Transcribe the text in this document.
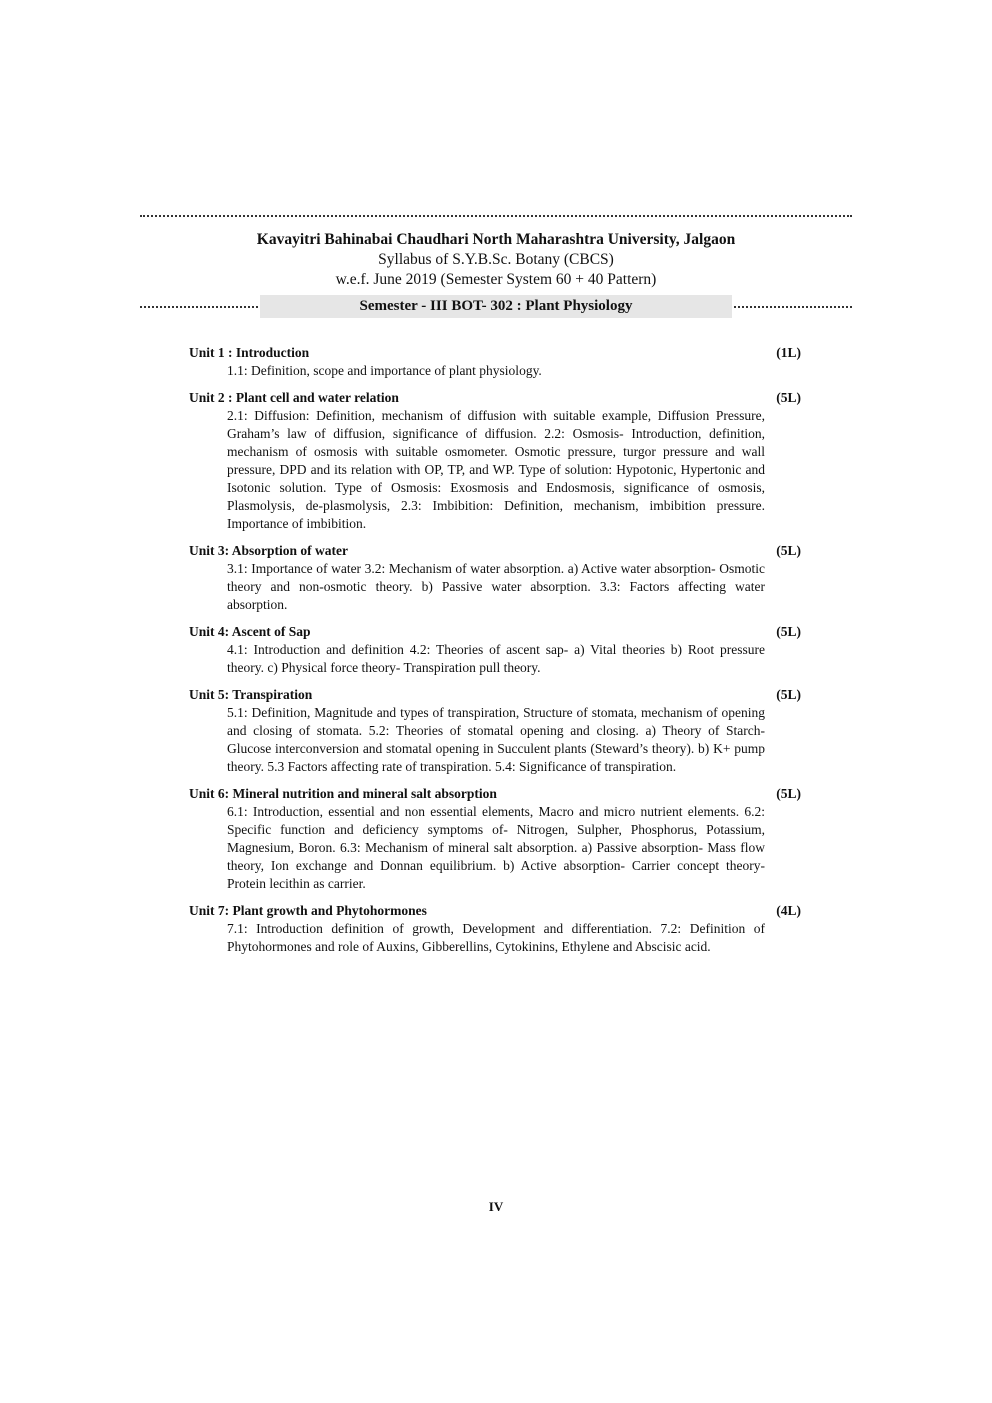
Kavayitri Bahinabai Chaudhari North Maharashtra University, Jalgaon
Syllabus of S.Y.B.Sc. Botany (CBCS)
w.e.f. June 2019 (Semester System 60 + 40 Pattern)
Semester - III BOT- 302 : Plant Physiology
Unit 1 : Introduction	(1L)
1.1: Definition, scope and importance of plant physiology.
Unit 2 : Plant cell and water relation	(5L)
2.1: Diffusion: Definition, mechanism of diffusion with suitable example, Diffusion Pressure, Graham’s law of diffusion, significance of diffusion. 2.2: Osmosis- Introduction, definition, mechanism of osmosis with suitable osmometer. Osmotic pressure, turgor pressure and wall pressure, DPD and its relation with OP, TP, and WP. Type of solution: Hypotonic, Hypertonic and Isotonic solution. Type of Osmosis: Exosmosis and Endosmosis, significance of osmosis, Plasmolysis, de-plasmolysis, 2.3: Imbibition: Definition, mechanism, imbibition pressure. Importance of imbibition.
Unit 3: Absorption of water	(5L)
3.1: Importance of water 3.2: Mechanism of water absorption. a) Active water absorption- Osmotic theory and non-osmotic theory. b) Passive water absorption. 3.3: Factors affecting water absorption.
Unit 4: Ascent of Sap	(5L)
4.1: Introduction and definition 4.2: Theories of ascent sap- a) Vital theories b) Root pressure theory. c) Physical force theory- Transpiration pull theory.
Unit 5: Transpiration	(5L)
5.1: Definition, Magnitude and types of transpiration, Structure of stomata, mechanism of opening and closing of stomata. 5.2: Theories of stomatal opening and closing. a) Theory of Starch- Glucose interconversion and stomatal opening in Succulent plants (Steward’s theory). b) K+ pump theory. 5.3 Factors affecting rate of transpiration. 5.4: Significance of transpiration.
Unit 6: Mineral nutrition and mineral salt absorption	(5L)
6.1: Introduction, essential and non essential elements, Macro and micro nutrient elements. 6.2: Specific function and deficiency symptoms of- Nitrogen, Sulpher, Phosphorus, Potassium, Magnesium, Boron. 6.3: Mechanism of mineral salt absorption. a) Passive absorption- Mass flow theory, Ion exchange and Donnan equilibrium. b) Active absorption- Carrier concept theory- Protein lecithin as carrier.
Unit 7: Plant growth and Phytohormones	(4L)
7.1: Introduction definition of growth, Development and differentiation. 7.2: Definition of Phytohormones and role of Auxins, Gibberellins, Cytokinins, Ethylene and Abscisic acid.
IV
